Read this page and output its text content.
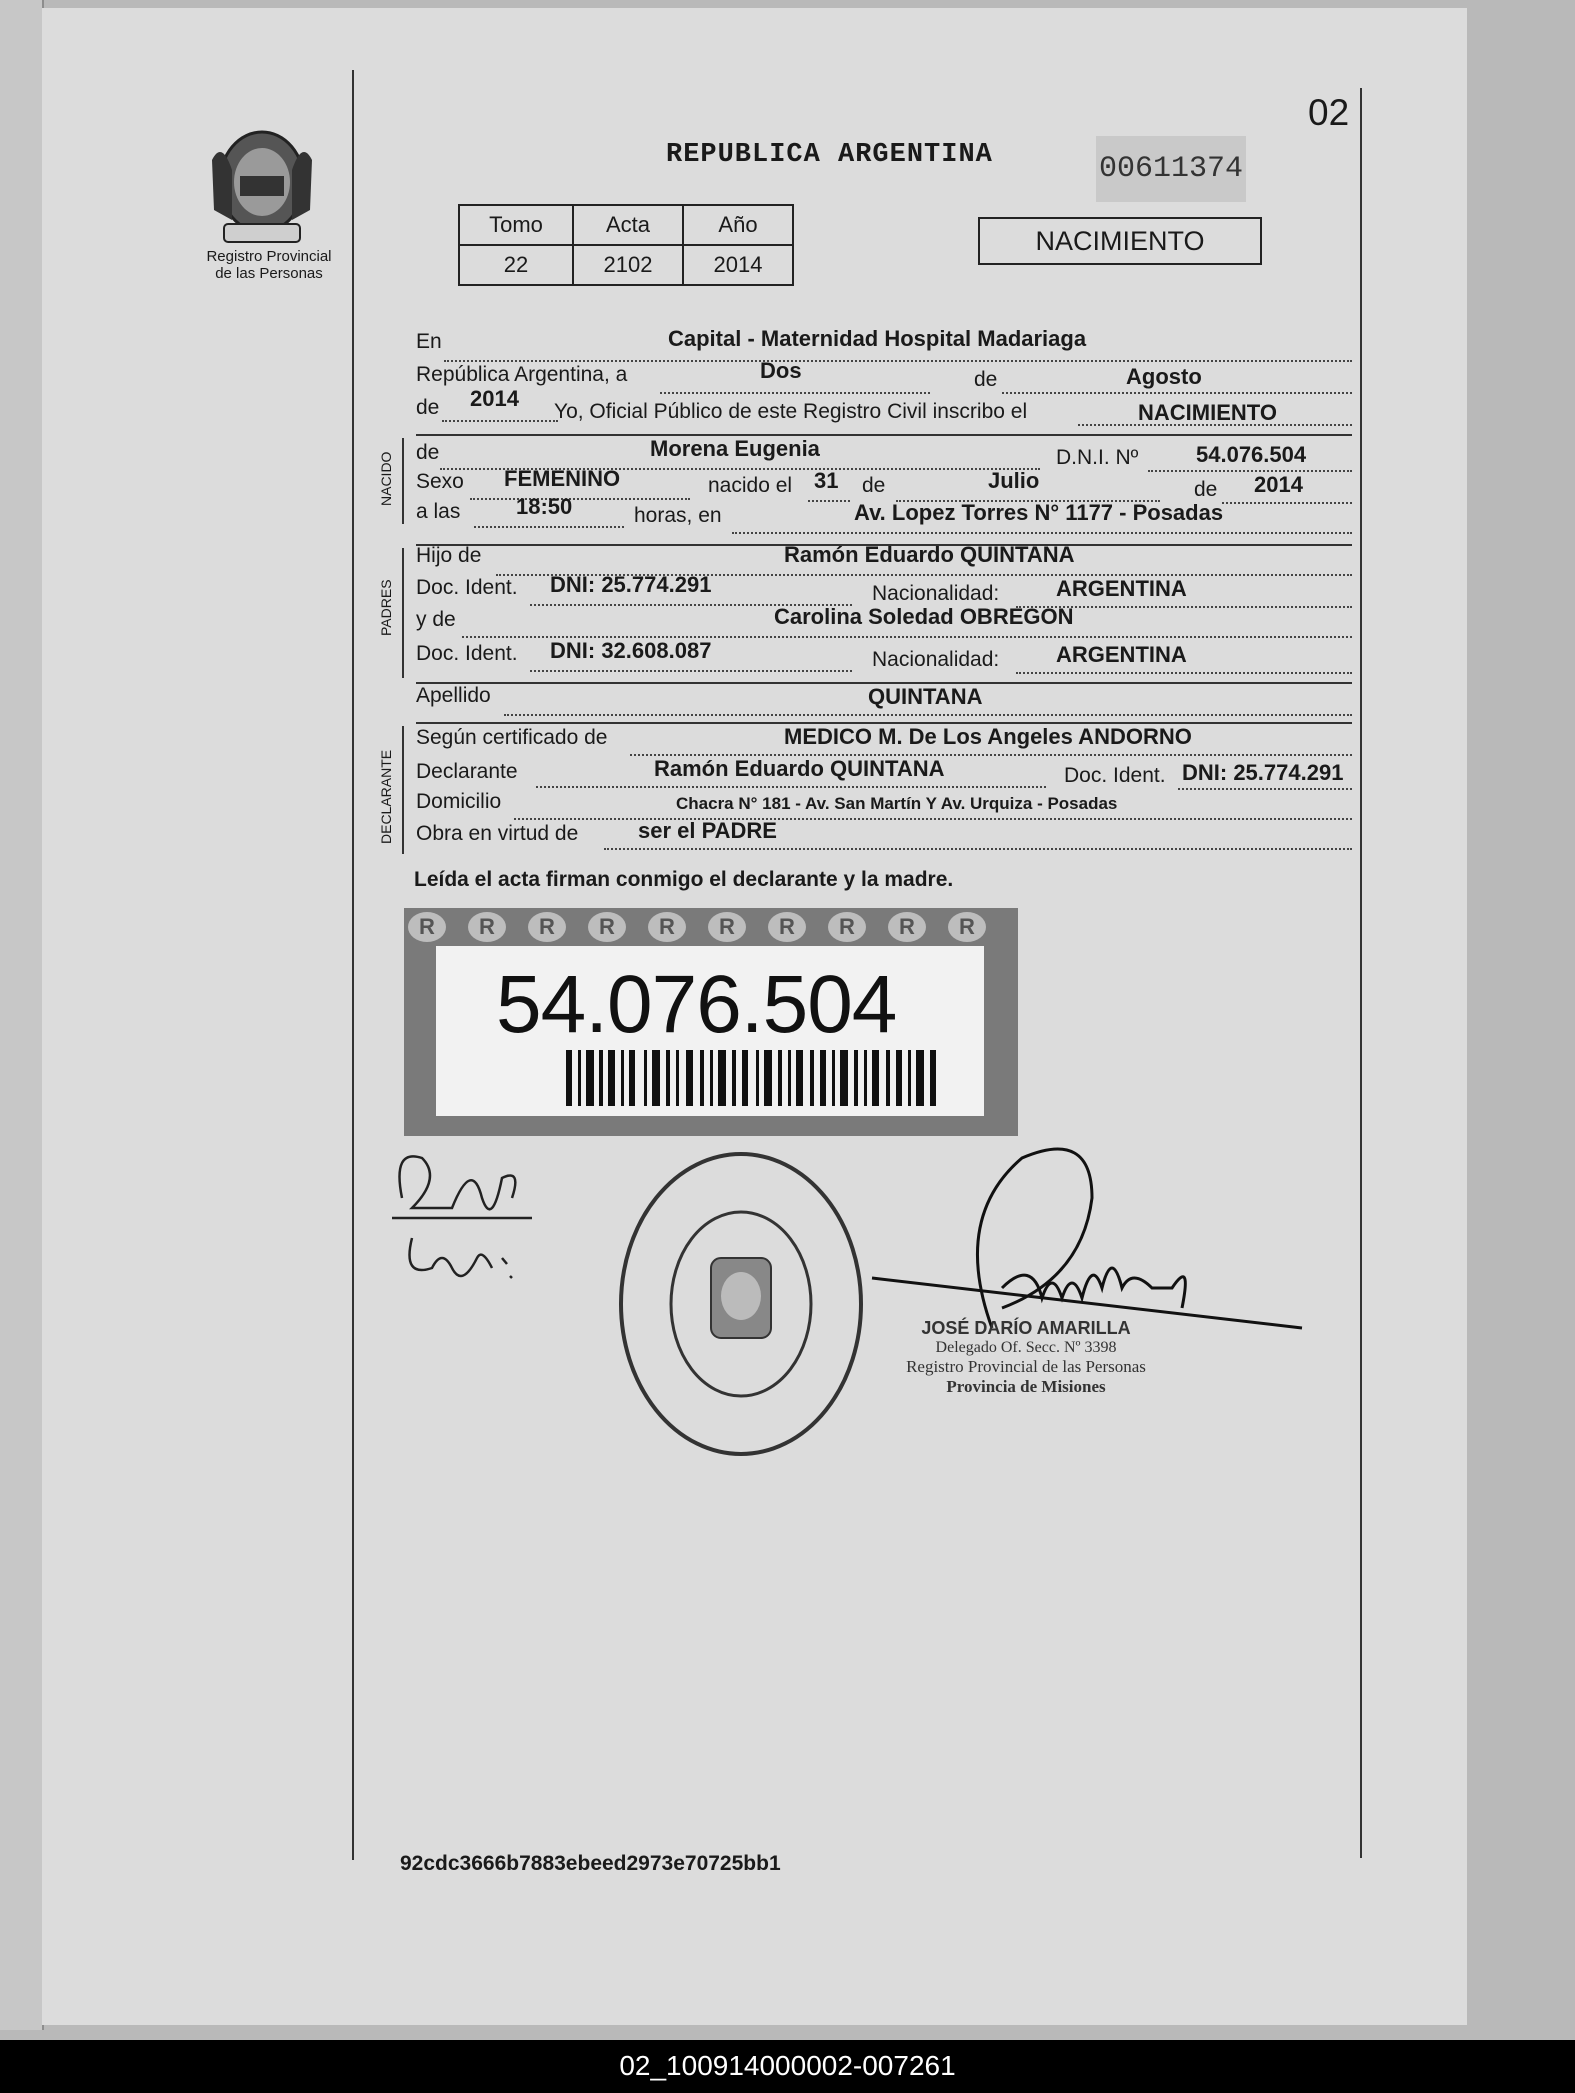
Registro Provincial
de las Personas
REPUBLICA ARGENTINA	00611374
02
Tomo	Acta	Año
22	2102	2014
NACIMIENTO
En	Capital - Maternidad Hospital Madariaga
República Argentina, a	Dos	de	Agosto
de 2014
Yo, Oficial Público de este Registro Civil inscribo el	NACIMIENTO
NACIDO de	Morena Eugenia	D.N.I. Nº	54.076.504
Sexo FEMENINO	nacido el 31 de	Julio	de 2014
a las	18:50	horas, en	Av. Lopez Torres N° 1177 - Posadas
PADRES
Hijo de	Ramón Eduardo QUINTANA
Doc. Ident. DNI: 25.774.291	Nacionalidad:	ARGENTINA
y de	Carolina Soledad OBREGON
Doc. Ident. DNI: 32.608.087	Nacionalidad:	ARGENTINA
Apellido	QUINTANA
DECLARANTE
Según certificado de	MEDICO M. De Los Angeles ANDORNO
Declarante	Ramón Eduardo QUINTANA	Doc. Ident. DNI: 25.774.291
Domicilio	Chacra N° 181 - Av. San Martín Y Av. Urquiza - Posadas
Obra en virtud de	ser el PADRE
Leída el acta firman conmigo el declarante y la madre.
R	R	R	R	R	R	R	R	R	R
54.076.504
JOSÉ DARÍO AMARILLA
Delegado Of. Secc. Nº 3398
Registro Provincial de las Personas
Provincia de Misiones
92cdc3666b7883ebeed2973e70725bb1
02_100914000002-007261
